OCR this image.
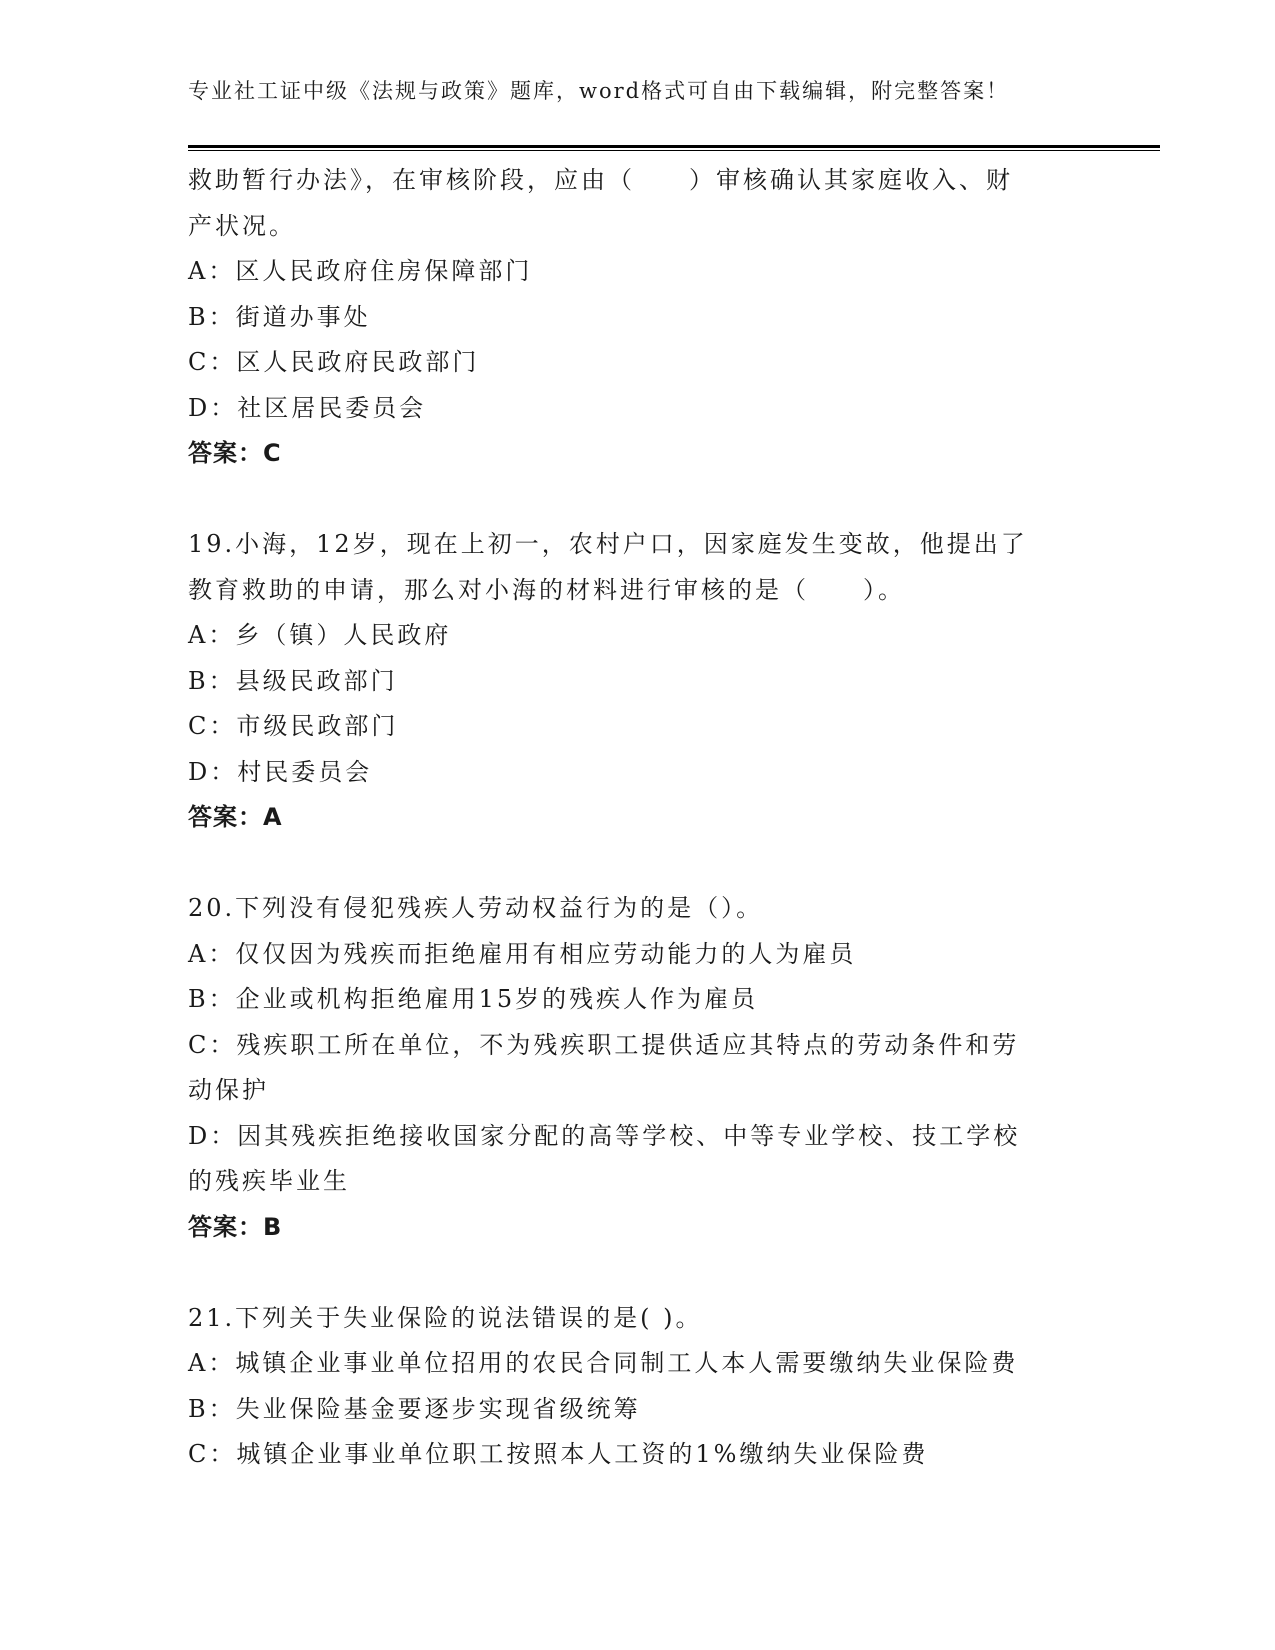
专业社工证中级《法规与政策》题库，word格式可自由下载编辑，附完整答案！
救助暂行办法》，在审核阶段，应由（　　）审核确认其家庭收入、财
产状况。
A：区人民政府住房保障部门
B：街道办事处
C：区人民政府民政部门
D：社区居民委员会
答案：C
19.小海，12岁，现在上初一，农村户口，因家庭发生变故，他提出了
教育救助的申请，那么对小海的材料进行审核的是（　　）。
A：乡（镇）人民政府
B：县级民政部门
C：市级民政部门
D：村民委员会
答案：A
20.下列没有侵犯残疾人劳动权益行为的是（）。
A：仅仅因为残疾而拒绝雇用有相应劳动能力的人为雇员
B：企业或机构拒绝雇用15岁的残疾人作为雇员
C：残疾职工所在单位，不为残疾职工提供适应其特点的劳动条件和劳
动保护
D：因其残疾拒绝接收国家分配的高等学校、中等专业学校、技工学校
的残疾毕业生
答案：B
21.下列关于失业保险的说法错误的是( )。
A：城镇企业事业单位招用的农民合同制工人本人需要缴纳失业保险费
B：失业保险基金要逐步实现省级统筹
C：城镇企业事业单位职工按照本人工资的1%缴纳失业保险费
